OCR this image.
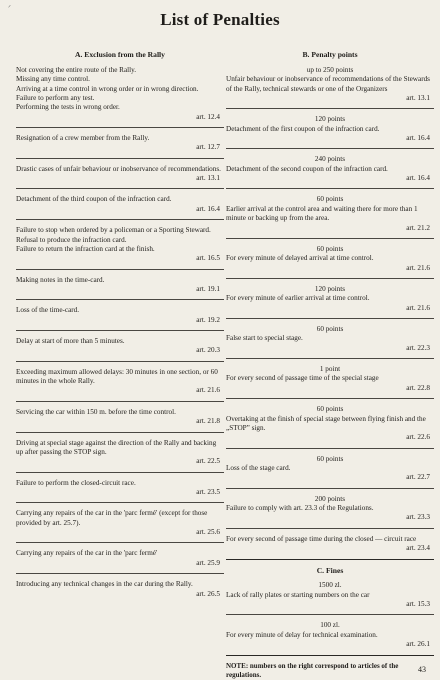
ᐟ
List of Penalties
A. Exclusion from the Rally
Not covering the entire route of the Rally.
Missing any time control.
Arriving at a time control in wrong order or in wrong direction.
Failure to perform any test.
Performing the tests in wrong order.
art. 12.4
Resignation of a crew member from the Rally.
art. 12.7
Drastic cases of unfair behaviour or inobservance of recommendations.
art. 13.1
Detachment of the third coupon of the infraction card.
art. 16.4
Failure to stop when ordered by a policeman or a Sporting Steward.
Refusal to produce the infraction card.
Failure to return the infraction card at the finish.
art. 16.5
Making notes in the time-card.
art. 19.1
Loss of the time-card.
art. 19.2
Delay at start of more than 5 minutes.
art. 20.3
Exceeding maximum allowed delays: 30 minutes in one section, or 60 minutes in the whole Rally.
art. 21.6
Servicing the car within 150 m. before the time control.
art. 21.8
Driving at special stage against the direction of the Rally and backing up after passing the STOP sign.
art. 22.5
Failure to perform the closed-circuit race.
art. 23.5
Carrying any repairs of the car in the 'parc fermé' (except for those provided by art. 25.7).
art. 25.6
Carrying any repairs of the car in the 'parc fermé'
art. 25.9
Introducing any technical changes in the car during the Rally.
art. 26.5
B. Penalty points
up to 250 points
Unfair behaviour or inobservance of recommendations of the Stewards of the Rally, technical stewards or one of the Organizers
art. 13.1
120 points
Detachment of the first coupon of the infraction card.
art. 16.4
240 points
Detachment of the second coupon of the infraction card.
art. 16.4
60 points
Earlier arrival at the control area and waiting there for more than 1 minute or backing up from the area.
art. 21.2
60 points
For every minute of delayed arrival at time control.
art. 21.6
120 points
For every minute of earlier arrival at time control.
art. 21.6
60 points
False start to special stage.
art. 22.3
1 point
For every second of passage time of the special stage
art. 22.8
60 points
Overtaking at the finish of special stage between flying finish and the „STOP” sign.
art. 22.6
60 points
Loss of the stage card.
art. 22.7
200 points
Failure to comply with art. 23.3 of the Regulations.
art. 23.3
For every second of passage time during the closed — circuit race
art. 23.4
C. Fines
1500 zl.
Lack of rally plates or starting numbers on the car
art. 15.3
100 zl.
For every minute of delay for technical examination.
art. 26.1
NOTE: numbers on the right correspond to articles of the regulations.
43
